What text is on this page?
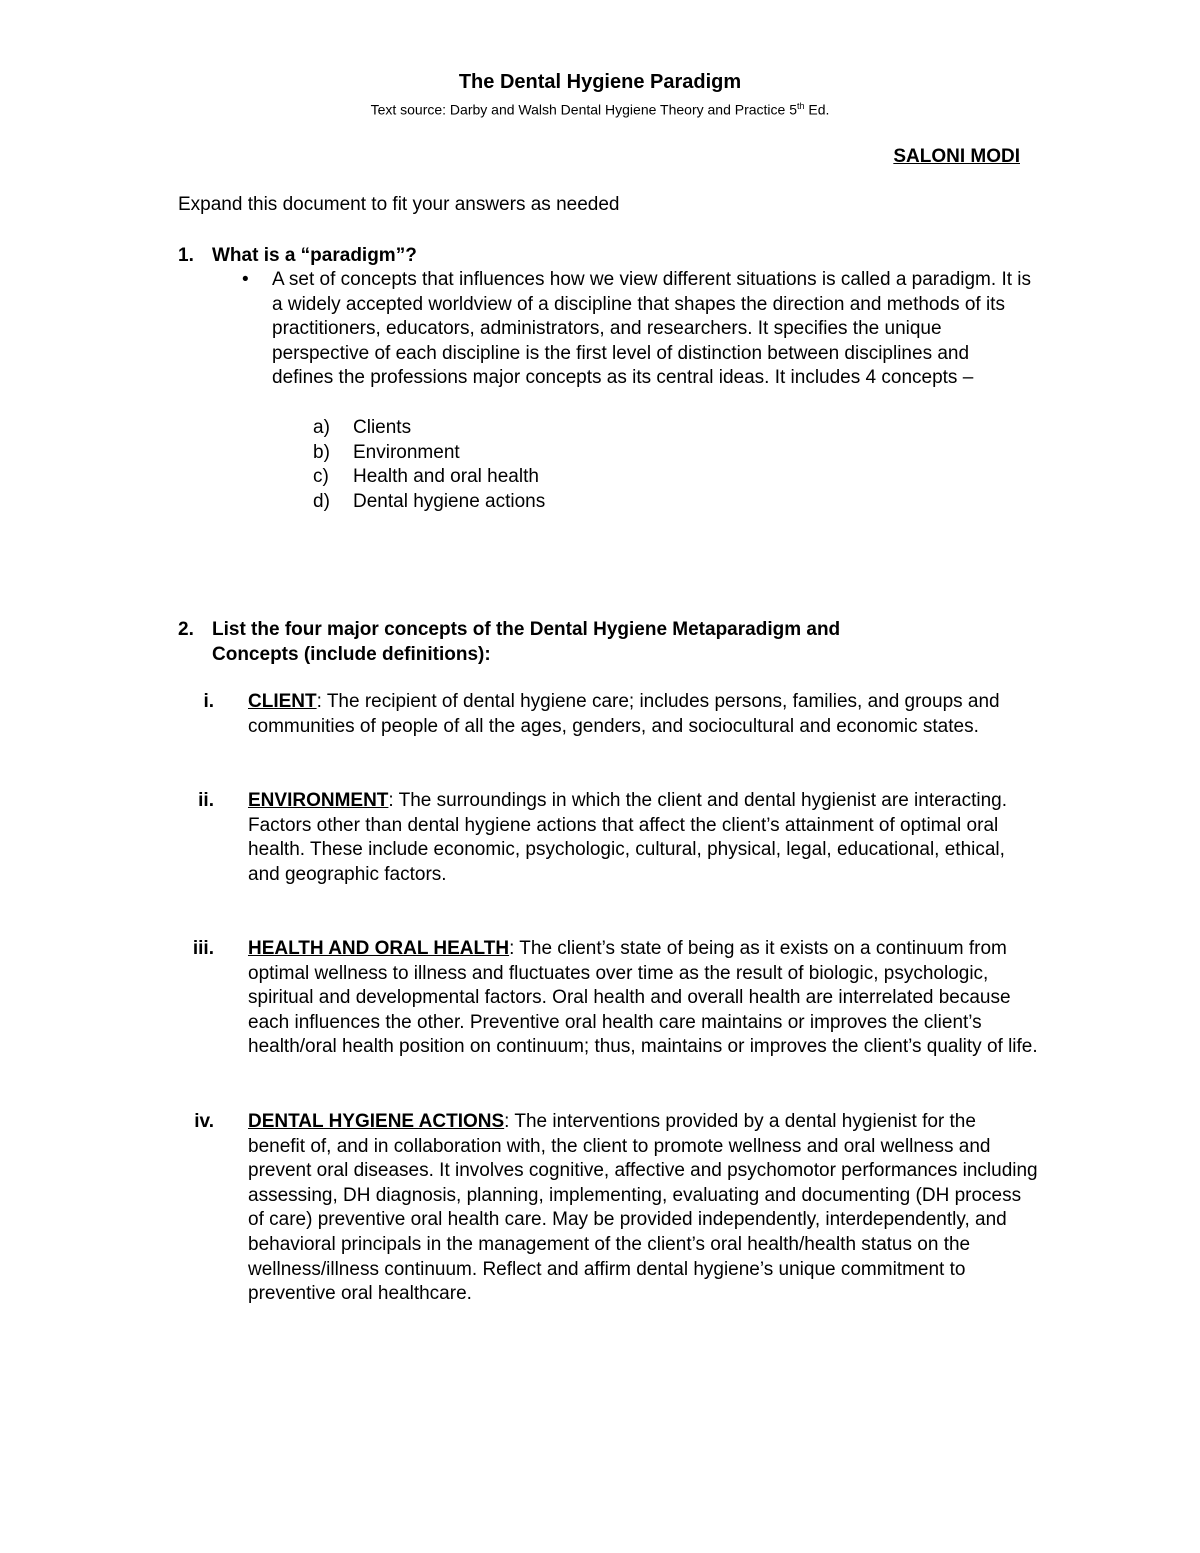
The Dental Hygiene Paradigm
Text source: Darby and Walsh Dental Hygiene Theory and Practice 5th Ed.
SALONI MODI
Expand this document to fit your answers as needed
1. What is a “paradigm”?
• A set of concepts that influences how we view different situations is called a paradigm. It is a widely accepted worldview of a discipline that shapes the direction and methods of its practitioners, educators, administrators, and researchers. It specifies the unique perspective of each discipline is the first level of distinction between disciplines and defines the professions major concepts as its central ideas. It includes 4 concepts –
a) Clients
b) Environment
c) Health and oral health
d) Dental hygiene actions
2. List the four major concepts of the Dental Hygiene Metaparadigm and
Concepts (include definitions):
i. CLIENT: The recipient of dental hygiene care; includes persons, families, and groups and communities of people of all the ages, genders, and sociocultural and economic states.
ii. ENVIRONMENT: The surroundings in which the client and dental hygienist are interacting. Factors other than dental hygiene actions that affect the client’s attainment of optimal oral health. These include economic, psychologic, cultural, physical, legal, educational, ethical, and geographic factors.
iii. HEALTH AND ORAL HEALTH: The client’s state of being as it exists on a continuum from optimal wellness to illness and fluctuates over time as the result of biologic, psychologic, spiritual and developmental factors. Oral health and overall health are interrelated because each influences the other. Preventive oral health care maintains or improves the client’s health/oral health position on continuum; thus, maintains or improves the client’s quality of life.
iv. DENTAL HYGIENE ACTIONS: The interventions provided by a dental hygienist for the benefit of, and in collaboration with, the client to promote wellness and oral wellness and prevent oral diseases. It involves cognitive, affective and psychomotor performances including assessing, DH diagnosis, planning, implementing, evaluating and documenting (DH process of care) preventive oral health care. May be provided independently, interdependently, and behavioral principals in the management of the client’s oral health/health status on the wellness/illness continuum. Reflect and affirm dental hygiene’s unique commitment to preventive oral healthcare.
